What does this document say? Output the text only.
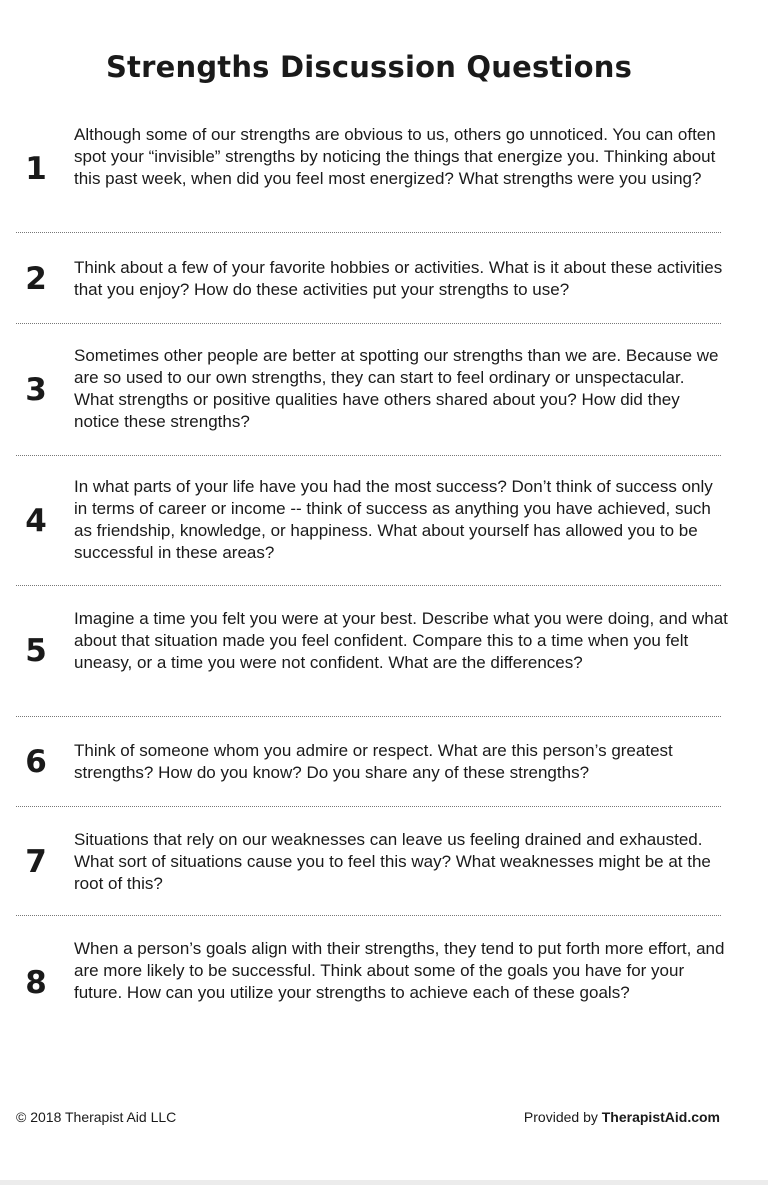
Strengths Discussion Questions
1
Although some of our strengths are obvious to us, others go unnoticed. You can often spot your “invisible” strengths by noticing the things that energize you. Thinking about this past week, when did you feel most energized? What strengths were you using?
2 Think about a few of your favorite hobbies or activities. What is it about these activities that you enjoy? How do these activities put your strengths to use?
3
Sometimes other people are better at spotting our strengths than we are. Because we are so used to our own strengths, they can start to feel ordinary or unspectacular. What strengths or positive qualities have others shared about you? How did they notice these strengths?
4
In what parts of your life have you had the most success? Don’t think of success only in terms of career or income -- think of success as anything you have achieved, such as friendship, knowledge, or happiness. What about yourself has allowed you to be successful in these areas?
5
Imagine a time you felt you were at your best. Describe what you were doing, and what about that situation made you feel confident. Compare this to a time when you felt uneasy, or a time you were not confident. What are the differences?
6 Think of someone whom you admire or respect. What are this person’s greatest strengths? How do you know? Do you share any of these strengths?
7
Situations that rely on our weaknesses can leave us feeling drained and exhausted. What sort of situations cause you to feel this way? What weaknesses might be at the root of this?
8
When a person’s goals align with their strengths, they tend to put forth more effort, and are more likely to be successful. Think about some of the goals you have for your future. How can you utilize your strengths to achieve each of these goals?
© 2018 Therapist Aid LLC	Provided by TherapistAid.com
